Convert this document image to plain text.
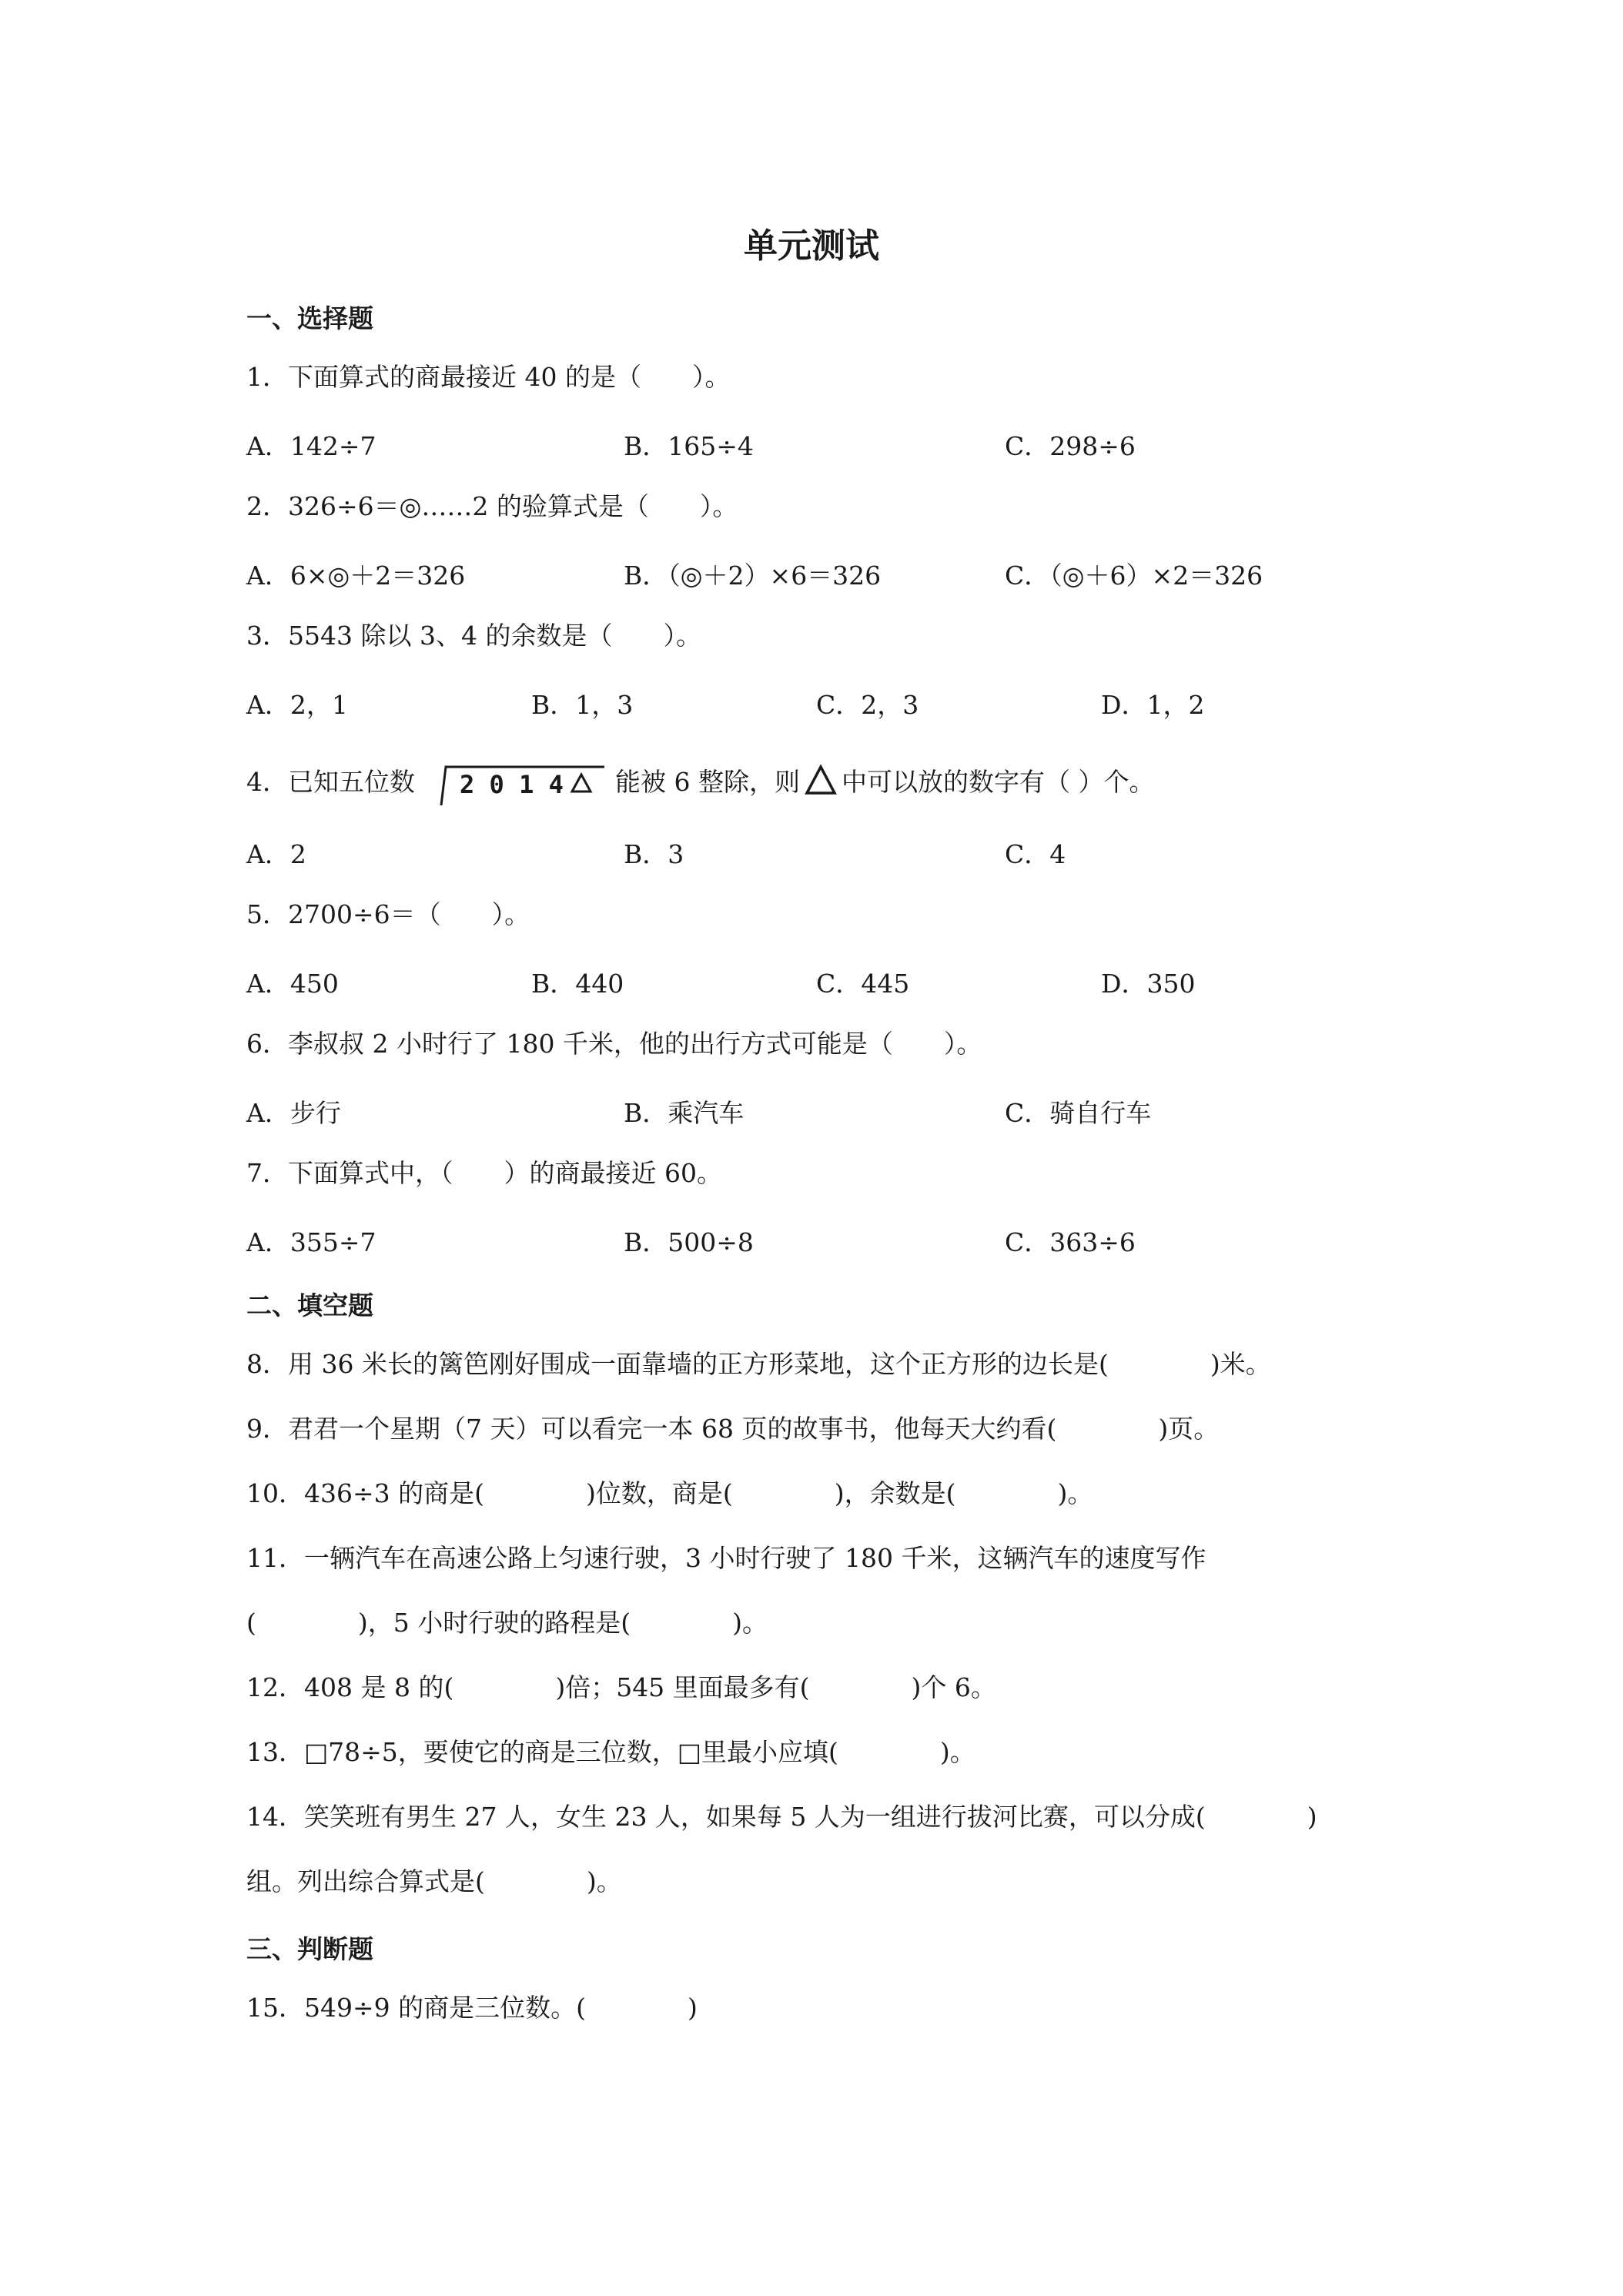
单元测试
一、选择题
1．下面算式的商最接近 40 的是（　　）。
A．142÷7	B．165÷4	C．298÷6
2．326÷6＝◎……2 的验算式是（　　）。
A．6×◎＋2＝326	B．（◎＋2）×6＝326	C．（◎＋6）×2＝326
3．5543 除以 3、4 的余数是（　　）。
A．2，1	B．1，3	C．2，3	D．1，2
4．已知五位数

2 0 1 4

能被 6 整除，则 中可以放的数字有（ ）个。
A．2	B．3	C．4
5．2700÷6＝（　　）。
A．450	B．440	C．445	D．350
6．李叔叔 2 小时行了 180 千米，他的出行方式可能是（　　）。
A．步行	B．乘汽车	C．骑自行车
7．下面算式中，（　　）的商最接近 60。
A．355÷7	B．500÷8	C．363÷6
二、填空题
8．用 36 米长的篱笆刚好围成一面靠墙的正方形菜地，这个正方形的边长是(　　　　)米。
9．君君一个星期（7 天）可以看完一本 68 页的故事书，他每天大约看(　　　　)页。
10．436÷3 的商是(　　　　)位数，商是(　　　　)，余数是(　　　　)。
11．一辆汽车在高速公路上匀速行驶，3 小时行驶了 180 千米，这辆汽车的速度写作
(　　　　)，5 小时行驶的路程是(　　　　)。
12．408 是 8 的(　　　　)倍；545 里面最多有(　　　　)个 6。
13．□78÷5，要使它的商是三位数，□里最小应填(　　　　)。
14．笑笑班有男生 27 人，女生 23 人，如果每 5 人为一组进行拔河比赛，可以分成(　　　　)
组。列出综合算式是(　　　　)。
三、判断题
15．549÷9 的商是三位数。(　　　　)
